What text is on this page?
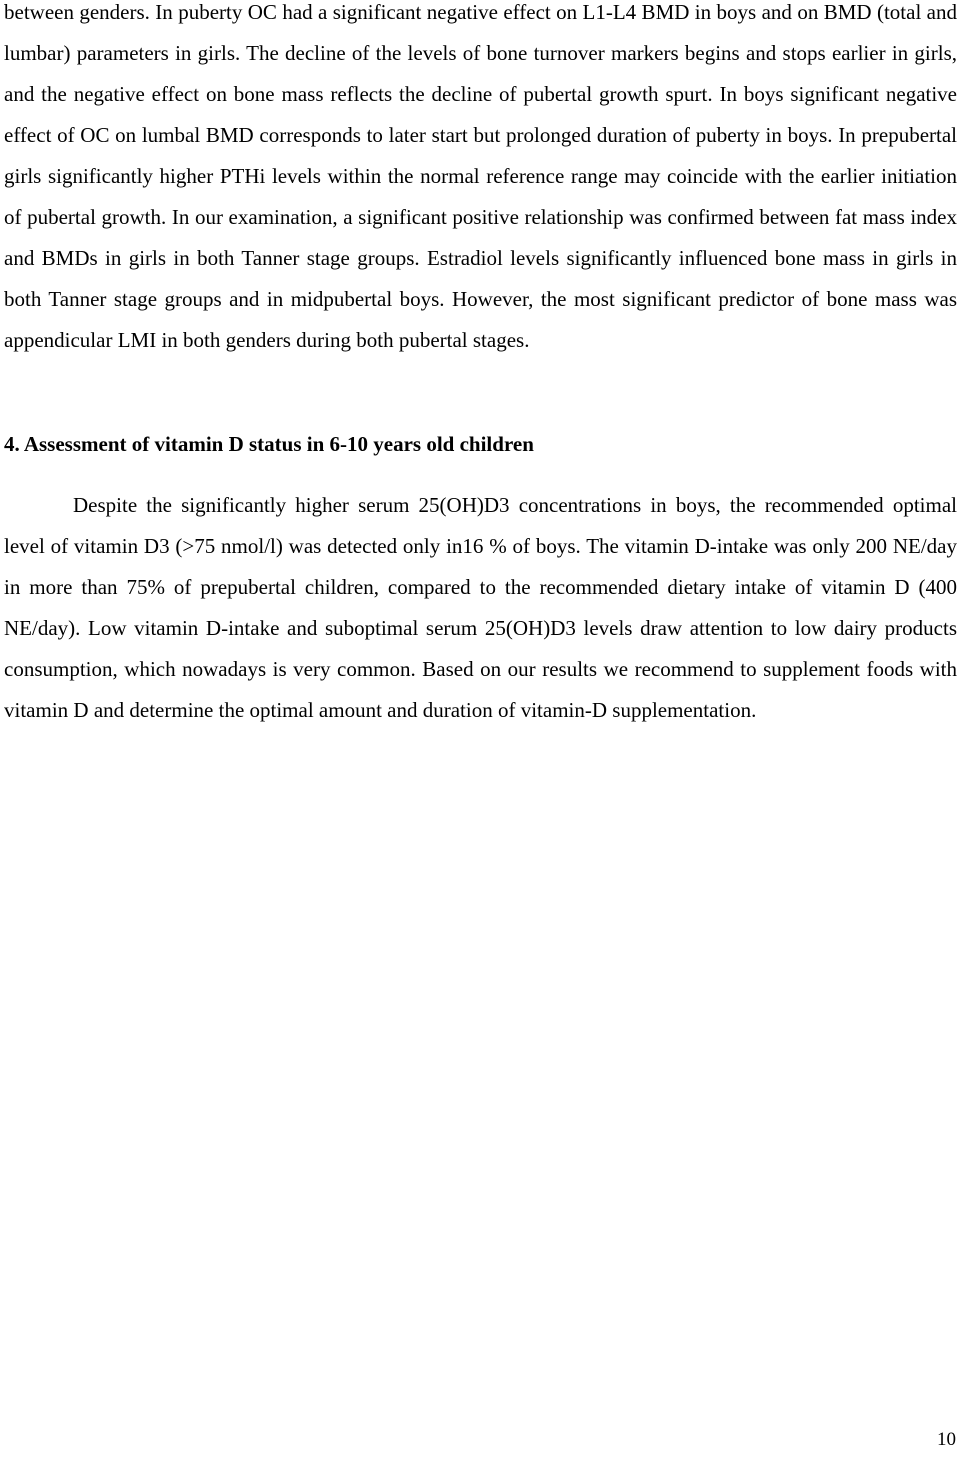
between genders. In puberty OC had a significant negative effect on L1-L4 BMD in boys and on BMD (total and lumbar) parameters in girls. The decline of the levels of bone turnover markers begins and stops earlier in girls, and the negative effect on bone mass reflects the decline of pubertal growth spurt. In boys significant negative effect of OC on lumbal BMD corresponds to later start but prolonged duration of puberty in boys. In prepubertal girls significantly higher PTHi levels within the normal reference range may coincide with the earlier initiation of pubertal growth. In our examination, a significant positive relationship was confirmed between fat mass index and BMDs in girls in both Tanner stage groups. Estradiol levels significantly influenced bone mass in girls in both Tanner stage groups and in midpubertal boys. However, the most significant predictor of bone mass was appendicular LMI in both genders during both pubertal stages.

4. Assessment of vitamin D status in 6-10 years old children

Despite the significantly higher serum 25(OH)D3 concentrations in boys, the recommended optimal level of vitamin D3 (>75 nmol/l) was detected only in16 % of boys. The vitamin D-intake was only 200 NE/day in more than 75% of prepubertal children, compared to the recommended dietary intake of vitamin D (400 NE/day). Low vitamin D-intake and suboptimal serum 25(OH)D3 levels draw attention to low dairy products consumption, which nowadays is very common. Based on our results we recommend to supplement foods with vitamin D and determine the optimal amount and duration of vitamin-D supplementation.

10
